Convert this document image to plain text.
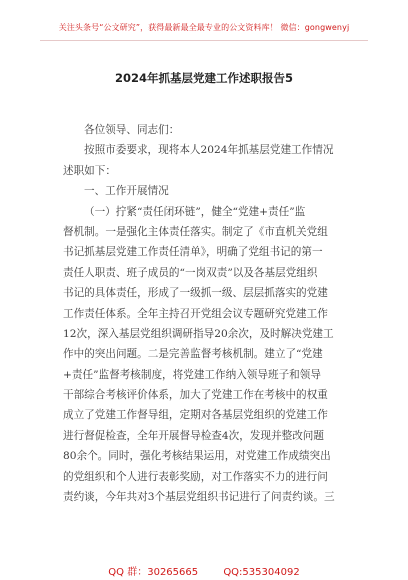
关注头条号“公文研究”，获得最新最全最专业的公文资料库！ 微信：gongwenyj
2024年抓基层党建工作述职报告5
各位领导、同志们：
按照市委要求，现将本人2024年抓基层党建工作情况
述职如下：
一、工作开展情况
（一）拧紧“责任闭环链”，健全“党建+责任”监
督机制。一是强化主体责任落实。制定了《市直机关党组
书记抓基层党建工作责任清单》，明确了党组书记的第一
责任人职责、班子成员的“一岗双责”以及各基层党组织
书记的具体责任，形成了一级抓一级、层层抓落实的党建
工作责任体系。全年主持召开党组会议专题研究党建工作
12次，深入基层党组织调研指导20余次，及时解决党建工
作中的突出问题。二是完善监督考核机制。建立了“党建
+责任”监督考核制度，将党建工作纳入领导班子和领导
干部综合考核评价体系，加大了党建工作在考核中的权重
成立了党建工作督导组，定期对各基层党组织的党建工作
进行督促检查，全年开展督导检查4次，发现并整改问题
80余个。同时，强化考核结果运用，对党建工作成绩突出
的党组织和个人进行表彰奖励，对工作落实不力的进行问
责约谈，今年共对3个基层党组织书记进行了问责约谈。三
QQ 群：30265665	QQ:535304092
